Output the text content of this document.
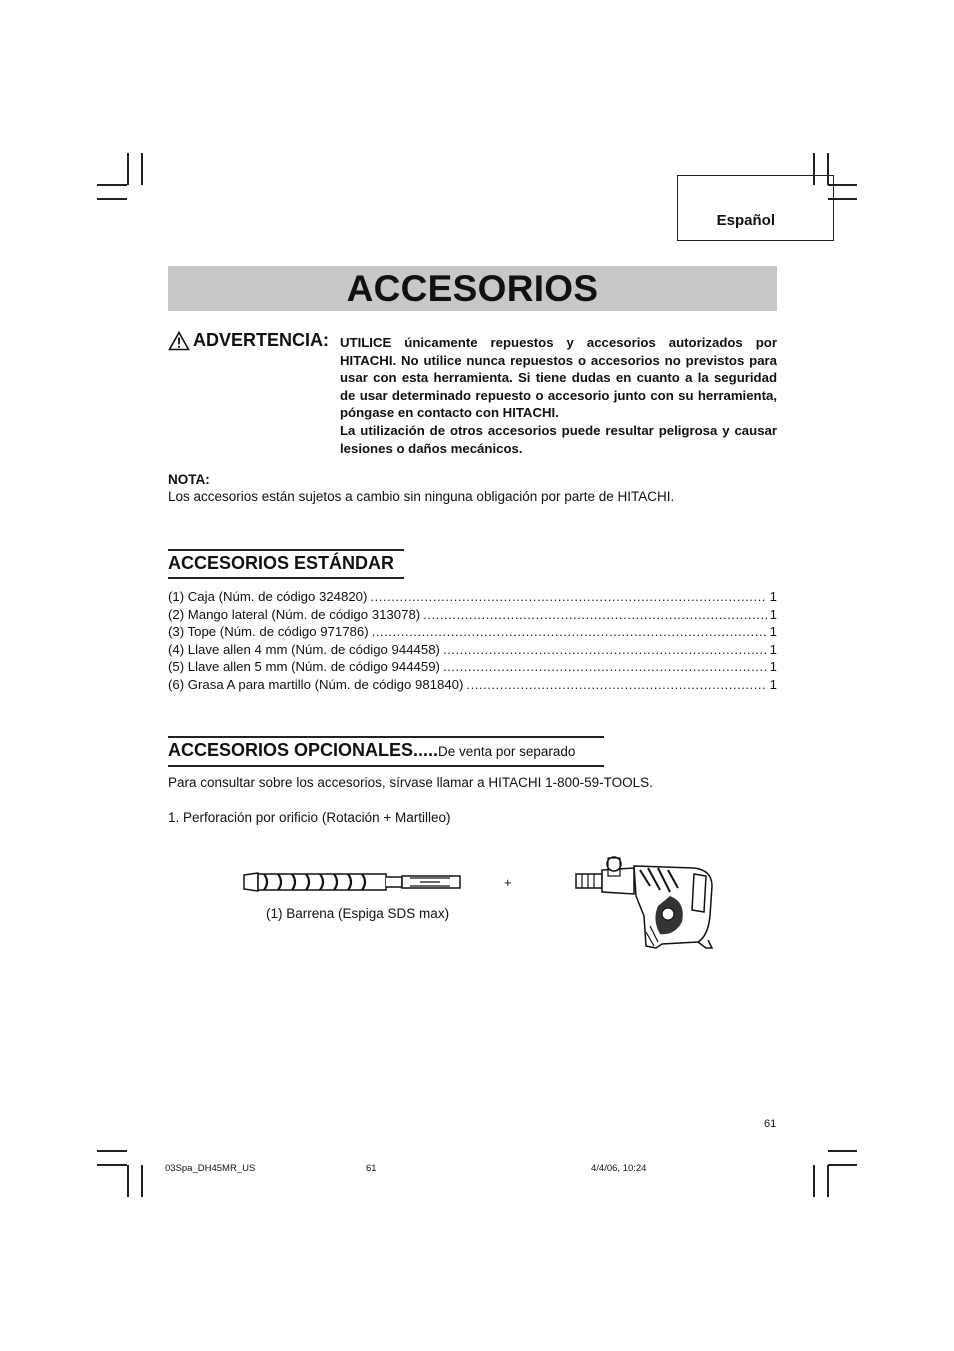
Español
ACCESORIOS
ADVERTENCIA: UTILICE únicamente repuestos y accesorios autorizados por HITACHI. No utilice nunca repuestos o accesorios no previstos para usar con esta herramienta. Si tiene dudas en cuanto a la seguridad de usar determinado repuesto o accesorio junto con su herramienta, póngase en contacto con HITACHI.

La utilización de otros accesorios puede resultar peligrosa y causar lesiones o daños mecánicos.

NOTA:
Los accesorios están sujetos a cambio sin ninguna obligación por parte de HITACHI.
ACCESORIOS ESTÁNDAR
(1) Caja (Núm. de código 324820) .....	1
(2) Mango lateral (Núm. de código 313078) .....	1
(3) Tope (Núm. de código 971786) .....	1
(4) Llave allen 4 mm (Núm. de código 944458) .....	1
(5) Llave allen 5 mm (Núm. de código 944459) .....	1
(6) Grasa A para martillo (Núm. de código 981840) .....	1
ACCESORIOS OPCIONALES.....De venta por separado
Para consultar sobre los accesorios, sírvase llamar a HITACHI 1-800-59-TOOLS.
1. Perforación por orificio (Rotación + Martilleo)
+
(1) Barrena (Espiga SDS max)
61
03Spa_DH45MR_US	61	4/4/06, 10:24
